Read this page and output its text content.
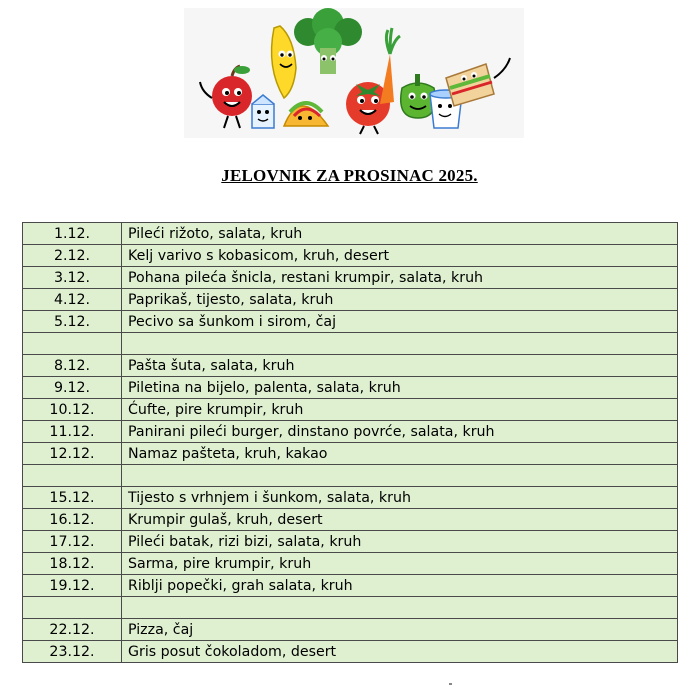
JELOVNIK ZA PROSINAC 2025.
1.12.	Pileći rižoto, salata, kruh
2.12.	Kelj varivo s kobasicom, kruh, desert
3.12.	Pohana pileća šnicla, restani krumpir, salata, kruh
4.12.	Paprikaš, tijesto, salata, kruh
5.12.	Pecivo sa šunkom i sirom, čaj

8.12.	Pašta šuta, salata, kruh
9.12.	Piletina na bijelo, palenta, salata, kruh
10.12.	Ćufte, pire krumpir, kruh
11.12.	Panirani pileći burger, dinstano povrće, salata, kruh
12.12.	Namaz pašteta, kruh, kakao

15.12.	Tijesto s vrhnjem i šunkom, salata, kruh
16.12.	Krumpir gulaš, kruh, desert
17.12.	Pileći batak, rizi bizi, salata, kruh
18.12.	Sarma, pire krumpir, kruh
19.12.	Riblji popečki, grah salata, kruh

22.12.	Pizza, čaj
23.12.	Gris posut čokoladom, desert
